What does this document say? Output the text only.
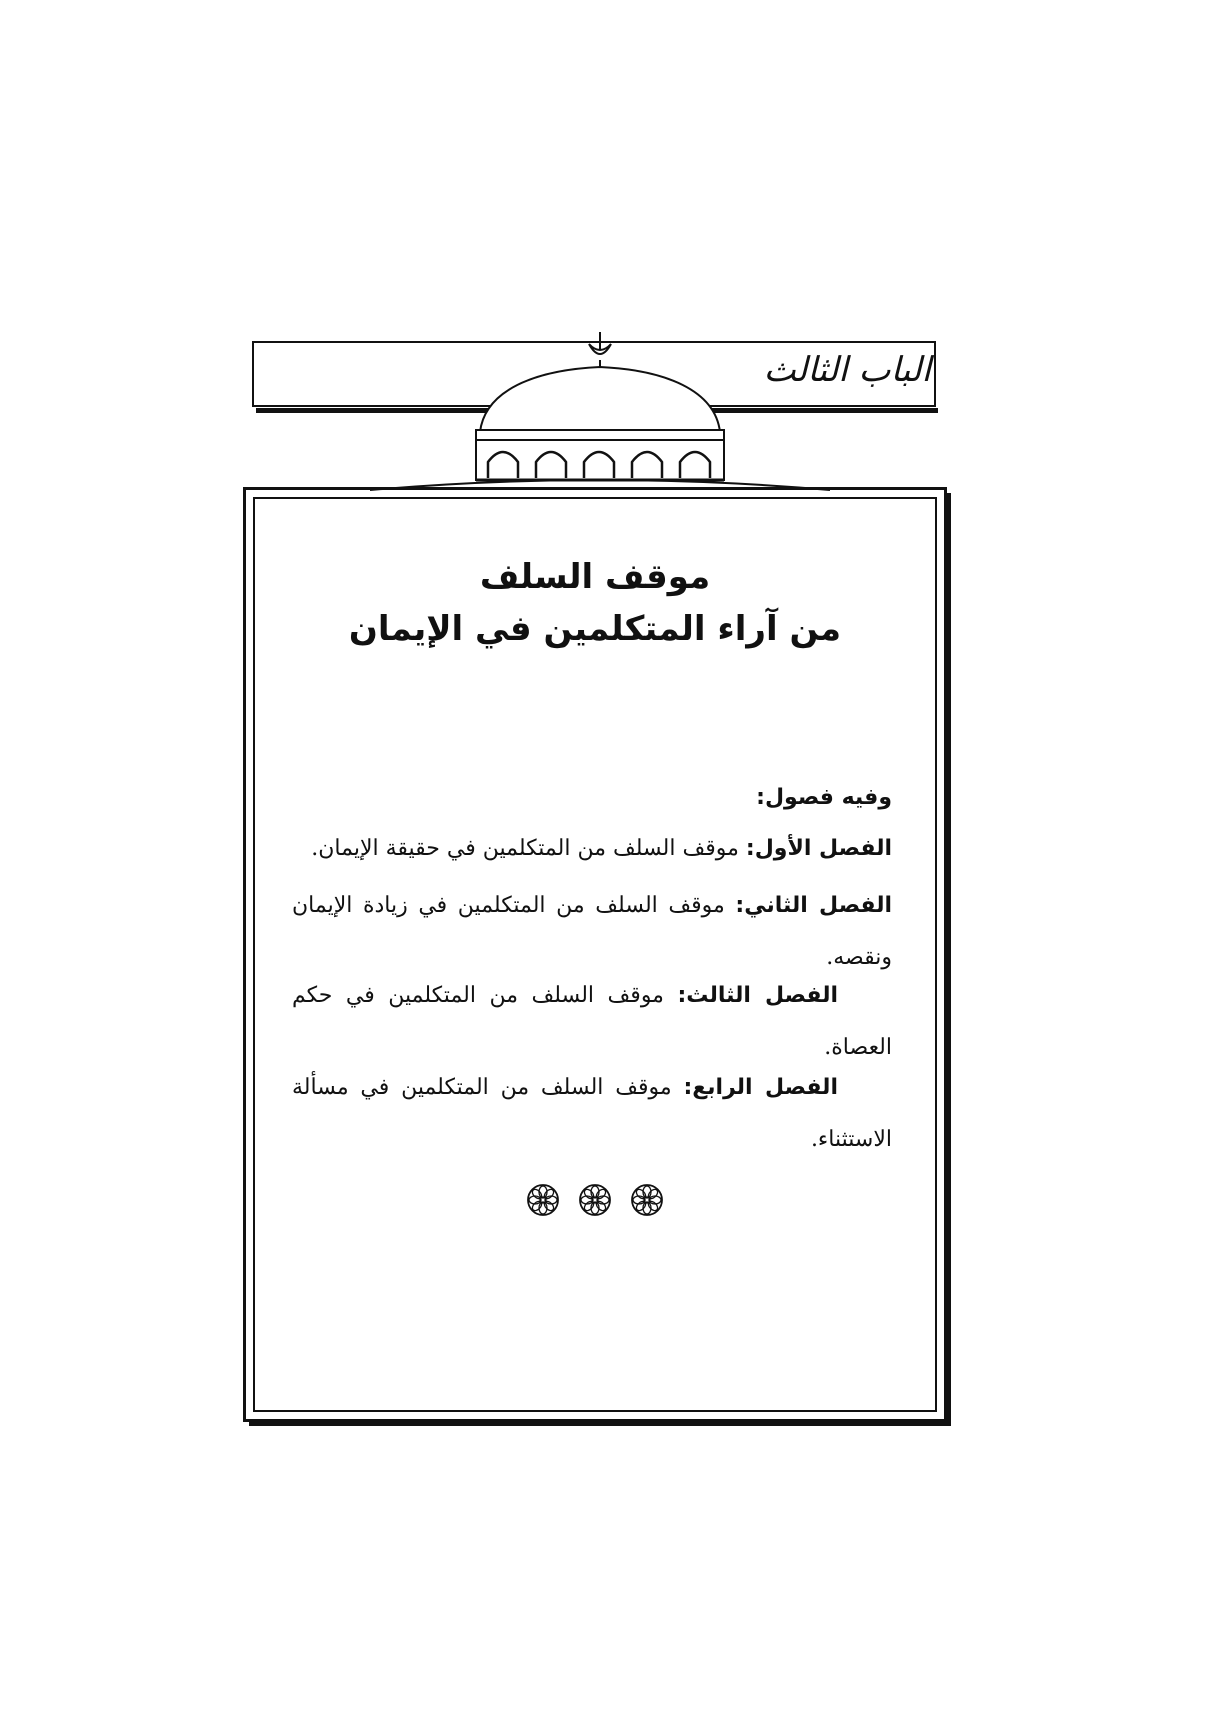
الباب الثالث
موقف السلف
من آراء المتكلمين في الإيمان
وفيه فصول:
الفصل الأول: موقف السلف من المتكلمين في حقيقة الإيمان.
الفصل الثاني: موقف السلف من المتكلمين في زيادة الإيمان ونقصه.
الفصل الثالث: موقف السلف من المتكلمين في حكم العصاة.
الفصل الرابع: موقف السلف من المتكلمين في مسألة الاستثناء.
